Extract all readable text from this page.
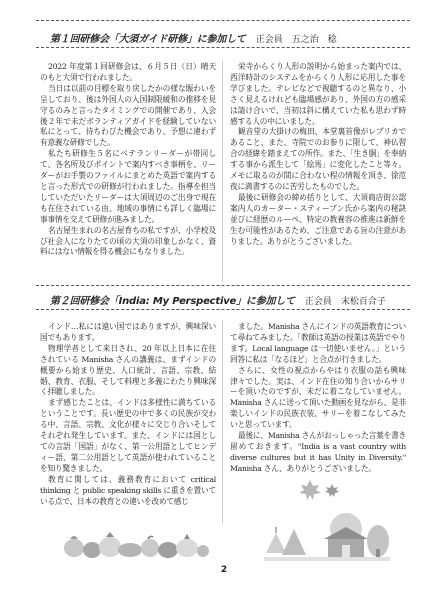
第１回研修会「大須ガイド研修」に参加して 正会員　五之治　稔

2022 年度第１回研修会は、６月５日（日）晴天のもと大須で行われました。

当日は以前の目標を取り戻したかの様な賑わいを呈しており、後は外国人の入国制限緩和の推移を見守るのみと言ったタイミングでの開催であり、入会後２年で未だボランティアガイドを経験していない私にとって、待ちわびた機会であり、予想に違わず有意義な研修でした。

私たち研修生５名にベテランリーダーが帯同して、各名所及びポイントで案内すべき事柄を、リーダーがお手製のファイルにまとめた英語で案内すると言った形式での研修が行われました。指導を担当していただいたリーダーは大須周辺のご出身で現在も在住されている由、地域の事情にも詳しく臨場に事事情を交えて研修が進みました。

名古屋生まれの名古屋育ちの私ですが、小学校及び社会人になりたての頃の大須の印象しかなく、資料にはない情報を得る機会にもなりました。

栄寺からくり人形の説明から始まった案内では、西洋時計のシステムをからくり人形に応用した事を学びました。テレビなどで視聴するのと異なり、小さく見えるけれども臨場感があり、外国の方の感采は請け合いで、当初は斜に構えていた私も思わず時感する人の中にいました。

観音堂の大掛けの梅田、本堂裏首像がレプリカであること、また、寺院でのお参りに限して、神仏習合の経緯を踏まえての所作。また、「生き胴」を奉納する事から派生して「絵馬」に変化したこと等々。メモに取るのが間に合わない程の情報を頂き、徐范夜に満書するのに苦労したものでした。

最後に研修会の締め括りとして、大須商店街公認案内人のカーター・スティーブン氏から案内の秘訣並びに経歴のルーペ、特定の教養容の推進は新鮮を生む可能性があるため、ご注意である旨の注意がありました。ありがとうございました。

第２回研修会「India: My Perspective」に参加して 正会員　末松百合子

インド…私には遠い国ではありますが、興味深い国でもあります。

物理学者として来日され、20 年以上日本に在住されている Manisha さんの講義は、まずインドの概要から始まり歴史、人口統計、言語、宗教、結婚、教育、衣服、そして料理と多義にわたり興味深く拝聴しました。

まず感じたことは、インドは多様性に満ちているということです。長い歴史の中で多くの民族が交わる中、言語、宗教、文化が様々に交じり合いそしてそれぞれ発生しています。また、インドには国としての言語「国語」がなく、第一公用語としてヒンディー語、第二公用語として英語が使われていることを知り驚きました。

教育に関しては、義務教育において critical thinking と public speaking skills に重きを置いている点で、日本の教育との違いを改めて感じ

ました。Manisha さんにインドの英語教育について尋ねてみました。「教師は英語の授業は英語でやります。Local language は一切使いません。」という回答に私は「なるほど」と合点が行きました。

さらに、女性の視点からやはり衣服の話も興味津々でした。実は、インド在住の知り合いからサリーを頂いたのですが、未だに着こなしていません。Manisha さんに送って頂いた動画を見ながら、是非楽しいインドの民族衣装、サリーを着こなしてみたいと思っています。

最後に、Manisha さんがおっしゃった言葉を書き留めておきます。"India is a vast country with diverse cultures but it has Unity in Diversity." Manisha さん、ありがとうございました。

2
